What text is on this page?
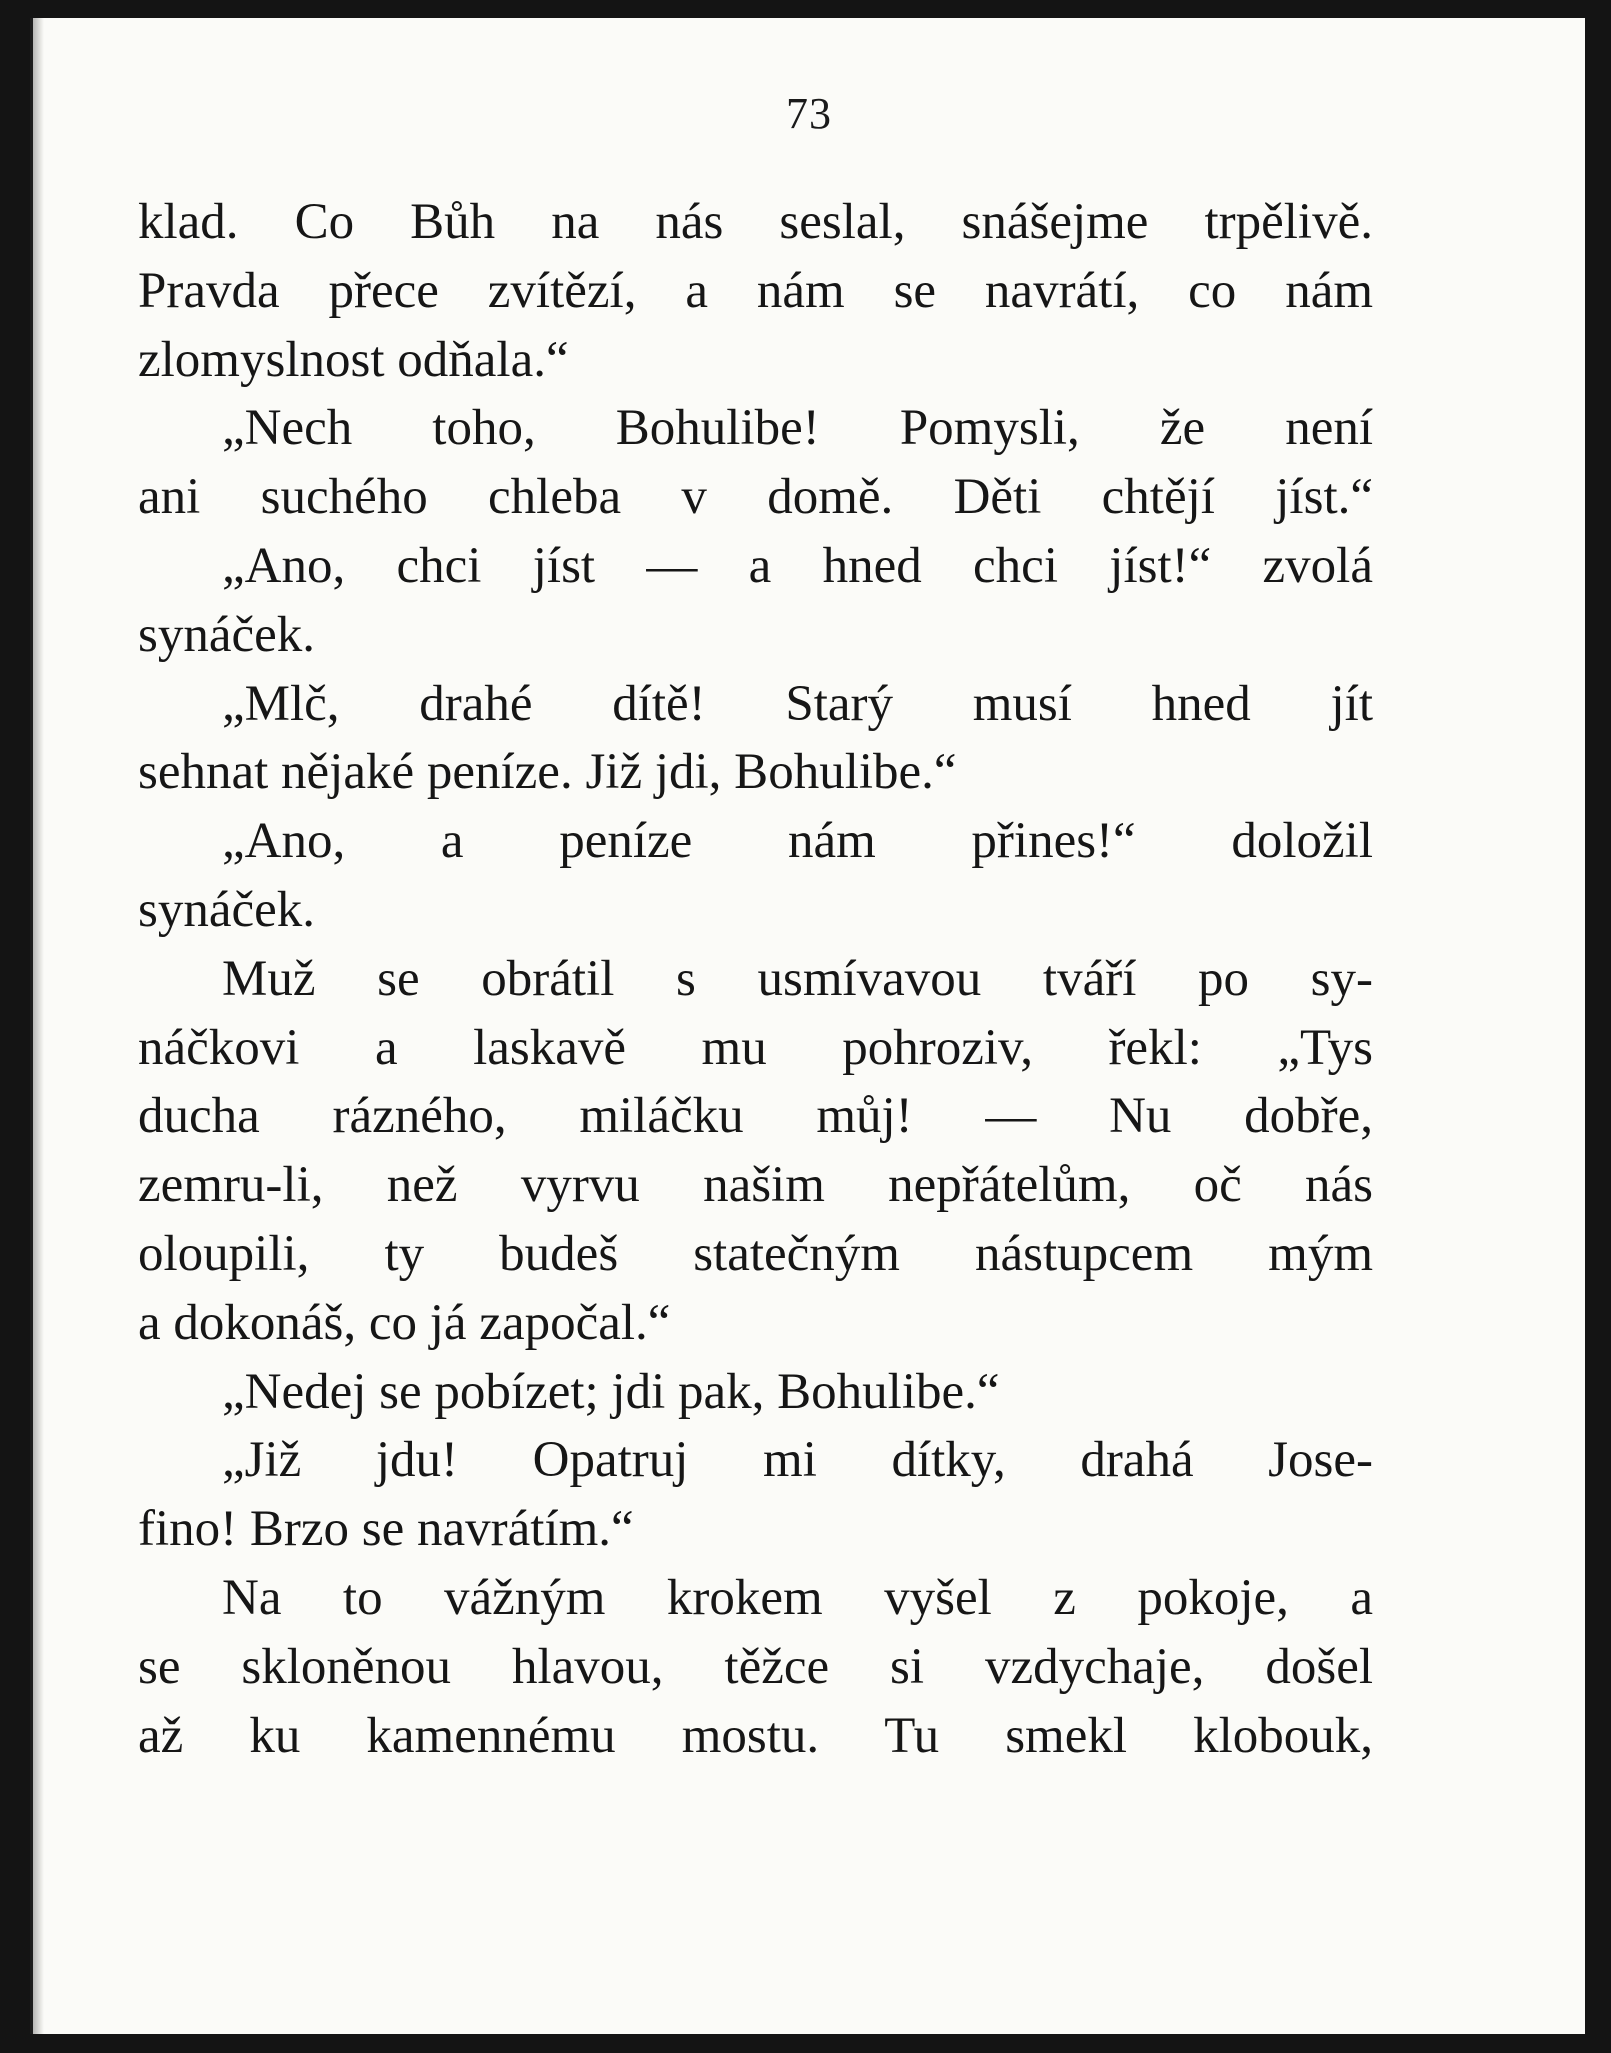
73
klad. Co Bůh na nás seslal, snášejme trpělivě.
Pravda přece zvítězí, a nám se navrátí, co nám
zlomyslnost odňala.“
„Nech toho, Bohulibe! Pomysli, že není
ani suchého chleba v domě. Děti chtějí jíst.“
„Ano, chci jíst — a hned chci jíst!“ zvolá
synáček.
„Mlč, drahé dítě! Starý musí hned jít
sehnat nějaké peníze. Již jdi, Bohulibe.“
„Ano, a peníze nám přines!“ doložil
synáček.
Muž se obrátil s usmívavou tváří po sy-
náčkovi a laskavě mu pohroziv, řekl: „Tys
ducha rázného, miláčku můj! — Nu dobře,
zemru-li, než vyrvu našim nepřátelům, oč nás
oloupili, ty budeš statečným nástupcem mým
a dokonáš, co já započal.“
„Nedej se pobízet; jdi pak, Bohulibe.“
„Již jdu! Opatruj mi dítky, drahá Jose-
fino! Brzo se navrátím.“
Na to vážným krokem vyšel z pokoje, a
se skloněnou hlavou, těžce si vzdychaje, došel
až ku kamennému mostu. Tu smekl klobouk,
